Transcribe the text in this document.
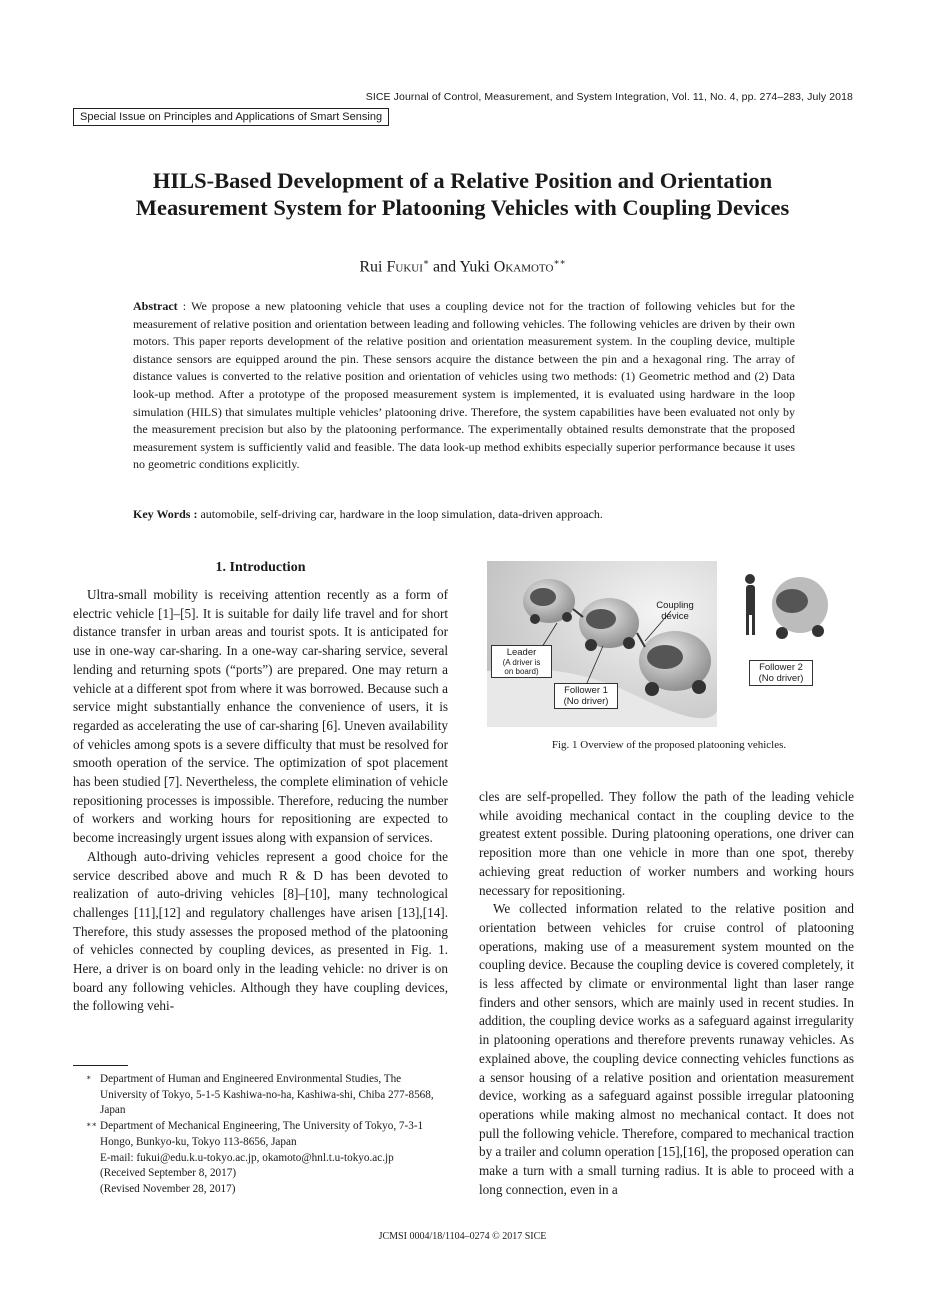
SICE Journal of Control, Measurement, and System Integration, Vol. 11, No. 4, pp. 274–283, July 2018
Special Issue on Principles and Applications of Smart Sensing
HILS-Based Development of a Relative Position and Orientation
Measurement System for Platooning Vehicles with Coupling Devices
Rui Fukui∗ and Yuki Okamoto∗∗
Abstract : We propose a new platooning vehicle that uses a coupling device not for the traction of following vehicles but for the measurement of relative position and orientation between leading and following vehicles. The following vehicles are driven by their own motors. This paper reports development of the relative position and orientation measurement system. In the coupling device, multiple distance sensors are equipped around the pin. These sensors acquire the distance between the pin and a hexagonal ring. The array of distance values is converted to the relative position and orientation of vehicles using two methods: (1) Geometric method and (2) Data look-up method. After a prototype of the proposed measurement system is implemented, it is evaluated using hardware in the loop simulation (HILS) that simulates multiple vehicles’ platooning drive. Therefore, the system capabilities have been evaluated not only by the measurement precision but also by the platooning performance. The experimentally obtained results demonstrate that the proposed measurement system is sufficiently valid and feasible. The data look-up method exhibits especially superior performance because it uses no geometric conditions explicitly.
Key Words : automobile, self-driving car, hardware in the loop simulation, data-driven approach.
1. Introduction

Ultra-small mobility is receiving attention recently as a form of electric vehicle [1]–[5]. It is suitable for daily life travel and for short distance transfer in urban areas and tourist spots. It is anticipated for use in one-way car-sharing. In a one-way car-sharing service, several lending and returning spots (“ports”) are prepared. One may return a vehicle at a different spot from where it was borrowed. Because such a service might substantially enhance the convenience of users, it is regarded as accelerating the use of car-sharing [6]. Uneven availability of vehicles among spots is a severe difficulty that must be resolved for smooth operation of the service. The optimization of spot placement has been studied [7]. Nevertheless, the complete elimination of vehicle repositioning processes is impossible. Therefore, reducing the number of workers and working hours for repositioning are expected to become increasingly urgent issues along with expansion of services.

Although auto-driving vehicles represent a good choice for the service described above and much R & D has been devoted to realization of auto-driving vehicles [8]–[10], many technological challenges [11],[12] and regulatory challenges have arisen [13],[14]. Therefore, this study assesses the proposed method of the platooning of vehicles connected by coupling devices, as presented in Fig. 1. Here, a driver is on board only in the leading vehicle: no driver is on board any following vehicles. Although they have coupling devices, the following vehi-

∗ Department of Human and Engineered Environmental Studies, The University of Tokyo, 5-1-5 Kashiwa-no-ha, Kashiwa-shi, Chiba 277-8568, Japan
∗∗ Department of Mechanical Engineering, The University of Tokyo, 7-3-1 Hongo, Bunkyo-ku, Tokyo 113-8656, Japan
E-mail: fukui@edu.k.u-tokyo.ac.jp, okamoto@hnl.t.u-tokyo.ac.jp
(Received September 8, 2017)
(Revised November 28, 2017)
Leader
(A driver is
on board)
Coupling
device
Follower 1
(No driver)
Follower 2
(No driver)
Fig. 1 Overview of the proposed platooning vehicles.

cles are self-propelled. They follow the path of the leading vehicle while avoiding mechanical contact in the coupling device to the greatest extent possible. During platooning operations, one driver can reposition more than one vehicle in more than one spot, thereby achieving great reduction of worker numbers and working hours necessary for repositioning.

We collected information related to the relative position and orientation between vehicles for cruise control of platooning operations, making use of a measurement system mounted on the coupling device. Because the coupling device is covered completely, it is less affected by climate or environmental light than laser range finders and other sensors, which are mainly used in recent studies. In addition, the coupling device works as a safeguard against irregularity in platooning operations and therefore prevents runaway vehicles. As explained above, the coupling device connecting vehicles functions as a sensor housing of a relative position and orientation measurement device, working as a safeguard against possible irregular platooning operations while making almost no mechanical contact. It does not pull the following vehicle. Therefore, compared to mechanical traction by a trailer and column operation [15],[16], the proposed operation can make a turn with a small turning radius. It is able to proceed with a long connection, even in a

JCMSI 0004/18/1104–0274 © 2017 SICE
